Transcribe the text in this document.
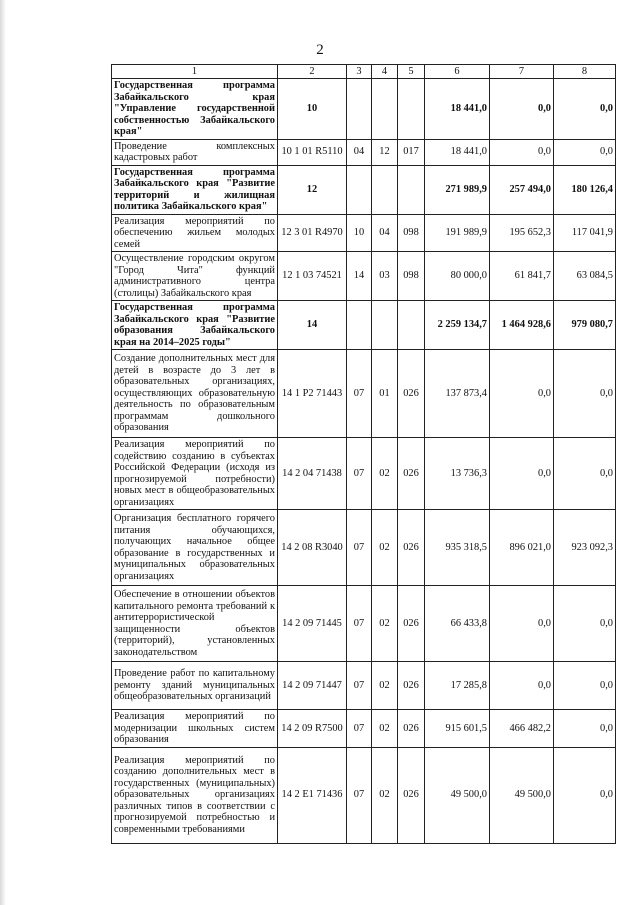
2
1	2	3	4	5	6	7	8
Государственная программа Забайкальского края "Управление государственной собственностью Забайкальского края"	10				18 441,0	0,0	0,0
Проведение комплексных кадастровых работ	10 1 01 R5110	04	12	017	18 441,0	0,0	0,0
Государственная программа Забайкальского края "Развитие территорий и жилищная политика Забайкальского края"	12				271 989,9	257 494,0	180 126,4
Реализация мероприятий по обеспечению жильем молодых семей	12 3 01 R4970	10	04	098	191 989,9	195 652,3	117 041,9
Осуществление городским округом "Город Чита" функций административного центра (столицы) Забайкальского края	12 1 03 74521	14	03	098	80 000,0	61 841,7	63 084,5
Государственная программа Забайкальского края "Развитие образования Забайкальского края на 2014–2025 годы"	14				2 259 134,7	1 464 928,6	979 080,7
Создание дополнительных мест для детей в возрасте до 3 лет в образовательных организациях, осуществляющих образовательную деятельность по образовательным программам дошкольного образования	14 1 P2 71443	07	01	026	137 873,4	0,0	0,0
Реализация мероприятий по содействию созданию в субъектах Российской Федерации (исходя из прогнозируемой потребности) новых мест в общеобразовательных организациях	14 2 04 71438	07	02	026	13 736,3	0,0	0,0
Организация бесплатного горячего питания обучающихся, получающих начальное общее образование в государственных и муниципальных образовательных организациях	14 2 08 R3040	07	02	026	935 318,5	896 021,0	923 092,3
Обеспечение в отношении объектов капитального ремонта требований к антитеррористической защищенности объектов (территорий), установленных законодательством	14 2 09 71445	07	02	026	66 433,8	0,0	0,0
Проведение работ по капитальному ремонту зданий муниципальных общеобразовательных организаций	14 2 09 71447	07	02	026	17 285,8	0,0	0,0
Реализация мероприятий по модернизации школьных систем образования	14 2 09 R7500	07	02	026	915 601,5	466 482,2	0,0
Реализация мероприятий по созданию дополнительных мест в государственных (муниципальных) образовательных организациях различных типов в соответствии с прогнозируемой потребностью и современными требованиями	14 2 E1 71436	07	02	026	49 500,0	49 500,0	0,0
